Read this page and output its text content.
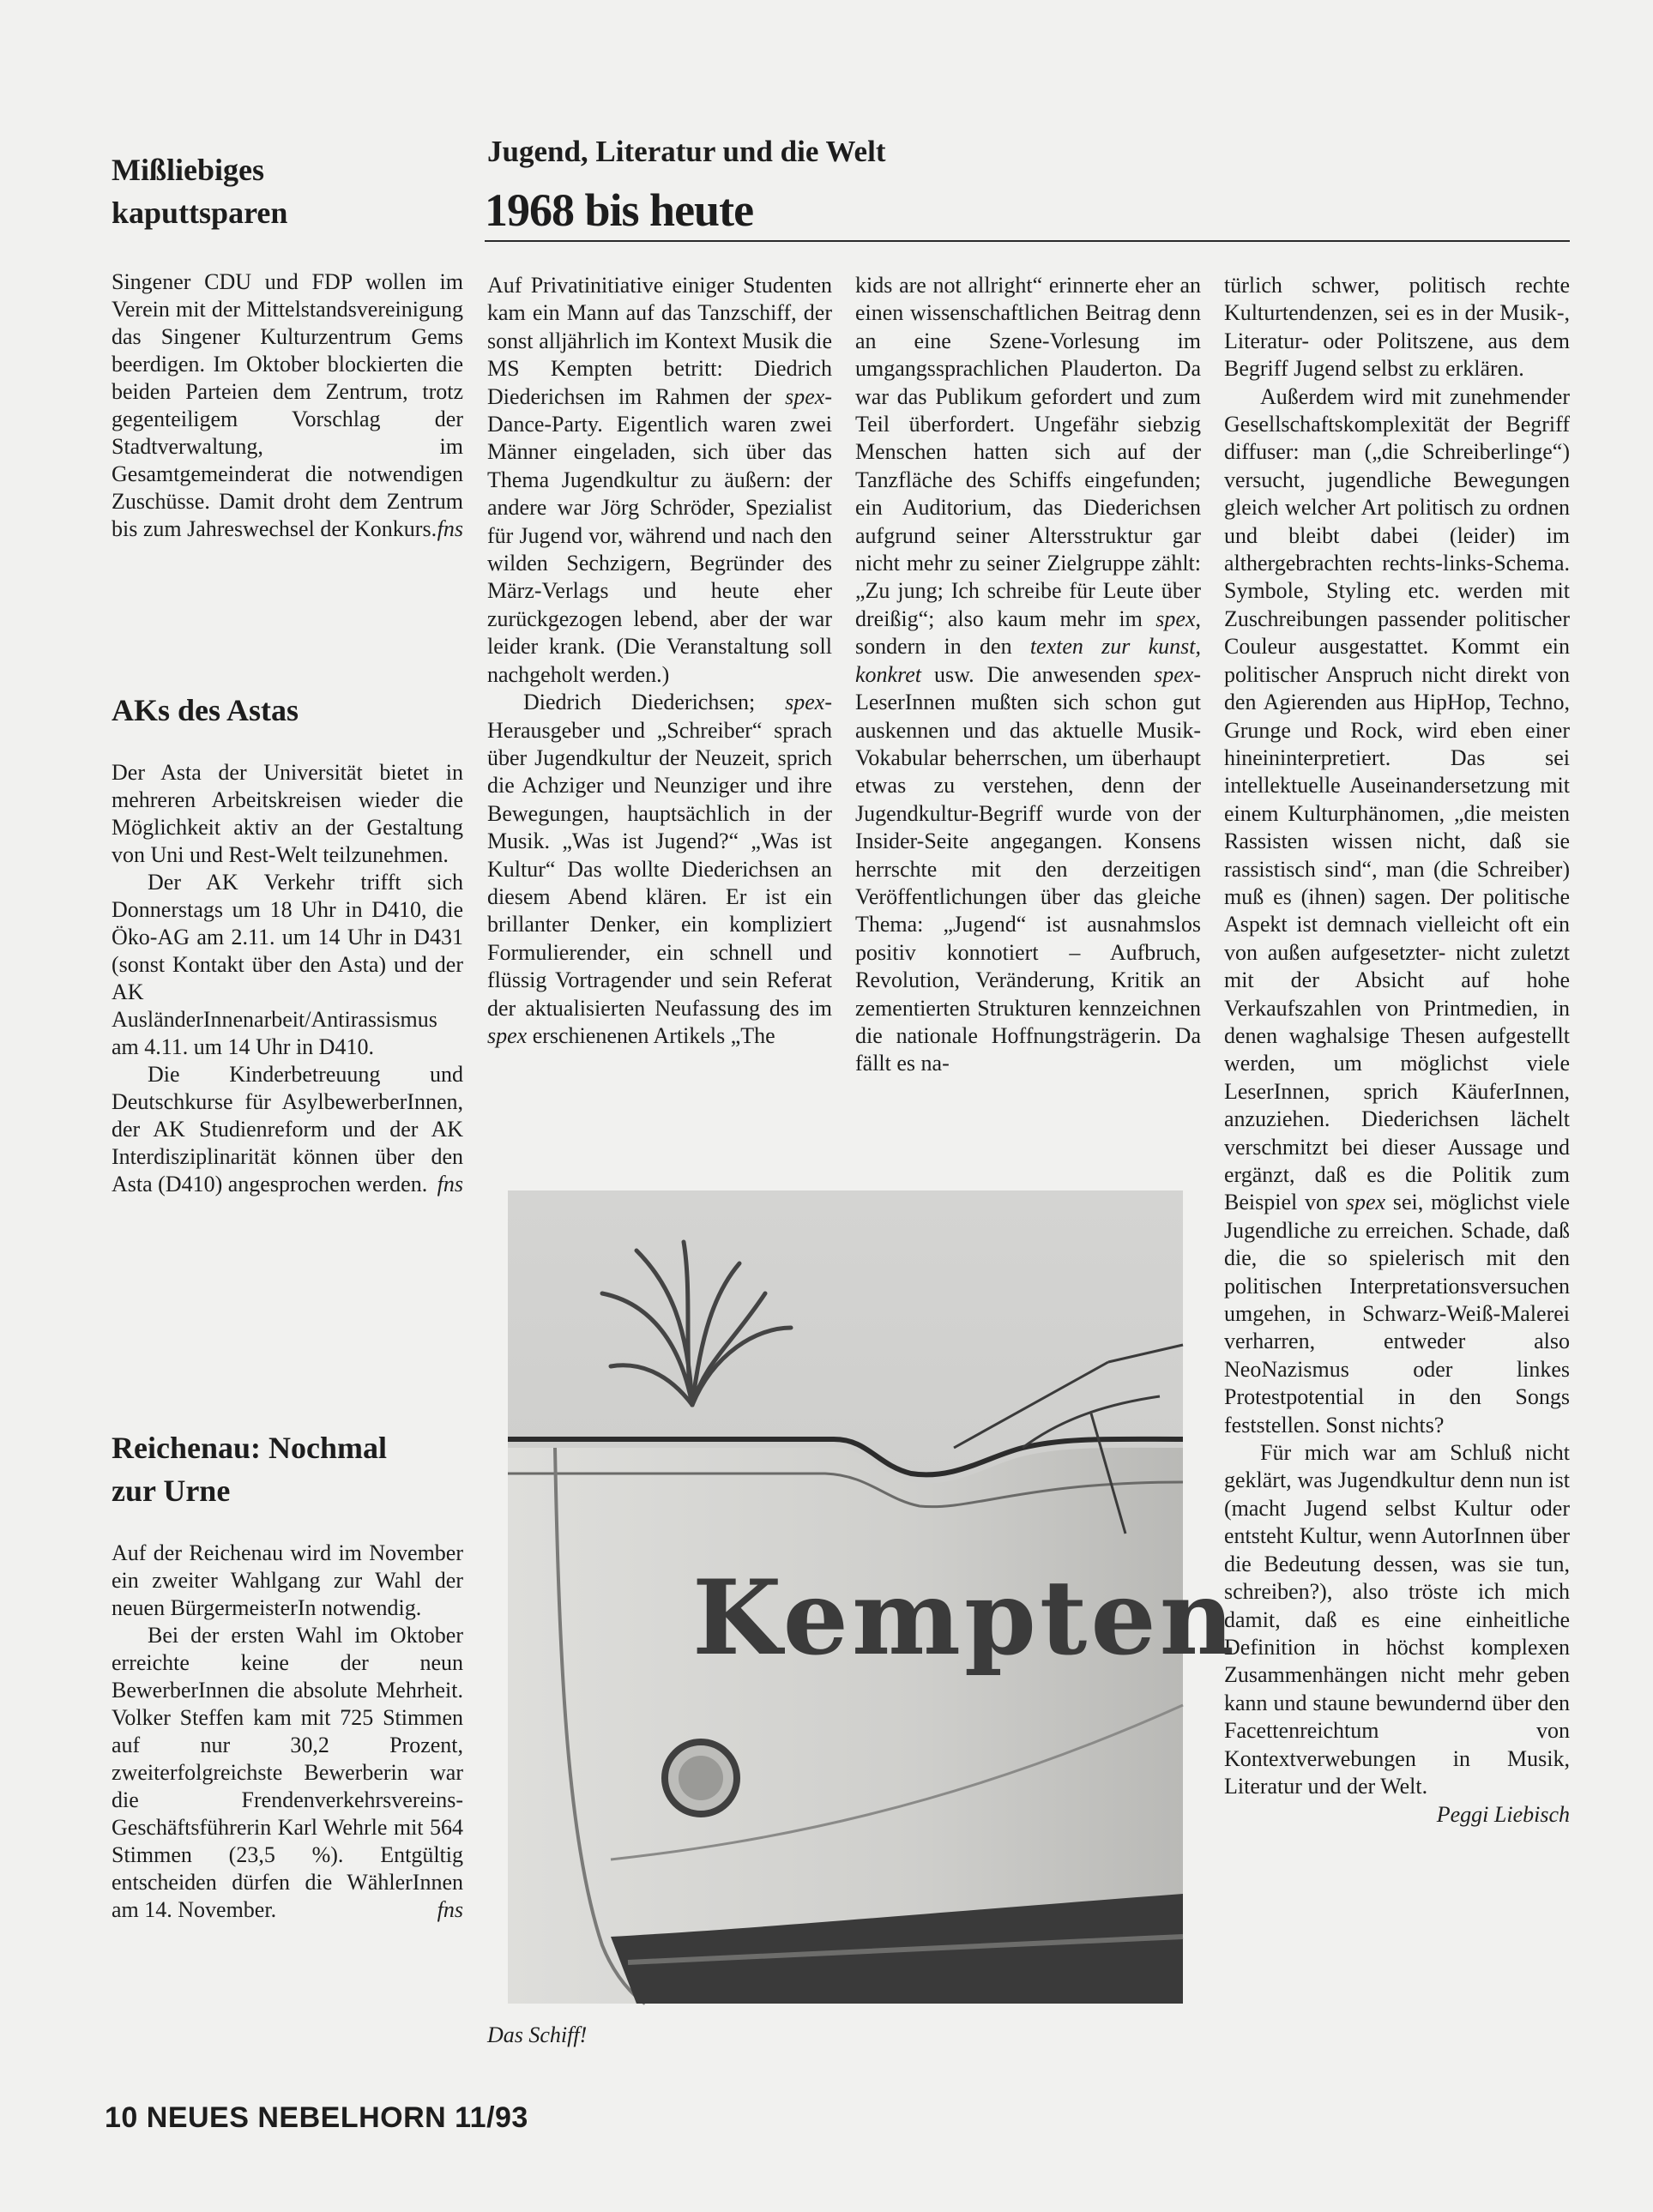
Mißliebiges
kaputtsparen

Singener CDU und FDP wollen im Verein mit der Mittelstandsvereinigung das Singener Kulturzentrum Gems beerdigen. Im Oktober blockierten die beiden Parteien dem Zentrum, trotz gegenteiligem Vorschlag der Stadtverwaltung, im Gesamtgemeinderat die notwendigen Zuschüsse. Damit droht dem Zentrum bis zum Jahreswechsel der Konkurs. fns
AKs des Astas

Der Asta der Universität bietet in mehreren Arbeitskreisen wieder die Möglichkeit aktiv an der Gestaltung von Uni und Rest-Welt teilzunehmen.

Der AK Verkehr trifft sich Donnerstags um 18 Uhr in D410, die Öko-AG am 2.11. um 14 Uhr in D431 (sonst Kontakt über den Asta) und der AK AusländerInnenarbeit/Antirassismus am 4.11. um 14 Uhr in D410.

Die Kinderbetreuung und Deutschkurse für AsylbewerberInnen, der AK Studienreform und der AK Interdisziplinarität können über den Asta (D410) angesprochen werden. fns
Reichenau: Nochmal
zur Urne

Auf der Reichenau wird im November ein zweiter Wahlgang zur Wahl der neuen BürgermeisterIn notwendig.

Bei der ersten Wahl im Oktober erreichte keine der neun BewerberInnen die absolute Mehrheit. Volker Steffen kam mit 725 Stimmen auf nur 30,2 Prozent, zweiterfolgreichste Bewerberin war die Frendenverkehrsvereins-Geschäftsführerin Karl Wehrle mit 564 Stimmen (23,5 %). Entgültig entscheiden dürfen die WählerInnen am 14. November.	fns
Jugend, Literatur und die Welt
1968 bis heute

Auf Privatinitiative einiger Studenten kam ein Mann auf das Tanzschiff, der sonst alljährlich im Kontext Musik die MS Kempten betritt: Diedrich Diederichsen im Rahmen der spex-Dance-Party. Eigentlich waren zwei Männer eingeladen, sich über das Thema Jugendkultur zu äußern: der andere war Jörg Schröder, Spezialist für Jugend vor, während und nach den wilden Sechzigern, Begründer des März-Verlags und heute eher zurückgezogen lebend, aber der war leider krank. (Die Veranstaltung soll nachgeholt werden.)

Diedrich Diederichsen; spex-Herausgeber und „Schreiber“ sprach über Jugendkultur der Neuzeit, sprich die Achziger und Neunziger und ihre Bewegungen, hauptsächlich in der Musik. „Was ist Jugend?“ „Was ist Kultur“ Das wollte Diederichsen an diesem Abend klären. Er ist ein brillanter Denker, ein kompliziert Formulierender, ein schnell und flüssig Vortragender und sein Referat der aktualisierten Neufassung des im spex erschienenen Artikels „The

kids are not allright“ erinnerte eher an einen wissenschaftlichen Beitrag denn an eine Szene-Vorlesung im umgangssprachlichen Plauderton. Da war das Publikum gefordert und zum Teil überfordert. Ungefähr siebzig Menschen hatten sich auf der Tanzfläche des Schiffs eingefunden; ein Auditorium, das Diederichsen aufgrund seiner Altersstruktur gar nicht mehr zu seiner Zielgruppe zählt: „Zu jung; Ich schreibe für Leute über dreißig“; also kaum mehr im spex, sondern in den texten zur kunst, konkret usw. Die anwesenden spex-LeserInnen mußten sich schon gut auskennen und das aktuelle Musik-Vokabular beherrschen, um überhaupt etwas zu verstehen, denn der Jugendkultur-Begriff wurde von der Insider-Seite angegangen. Konsens herrschte mit den derzeitigen Veröffentlichungen über das gleiche Thema: „Jugend“ ist ausnahmslos positiv konnotiert – Aufbruch, Revolution, Veränderung, Kritik an zementierten Strukturen kennzeichnen die nationale Hoffnungsträgerin. Da fällt es na-

türlich schwer, politisch rechte Kulturtendenzen, sei es in der Musik-, Literatur- oder Politszene, aus dem Begriff Jugend selbst zu erklären.

Außerdem wird mit zunehmender Gesellschaftskomplexität der Begriff diffuser: man („die Schreiberlinge“) versucht, jugendliche Bewegungen gleich welcher Art politisch zu ordnen und bleibt dabei (leider) im althergebrachten rechts-links-Schema. Symbole, Styling etc. werden mit Zuschreibungen passender politischer Couleur ausgestattet. Kommt ein politischer Anspruch nicht direkt von den Agierenden aus HipHop, Techno, Grunge und Rock, wird eben einer hineininterpretiert. Das sei intellektuelle Auseinandersetzung mit einem Kulturphänomen, „die meisten Rassisten wissen nicht, daß sie rassistisch sind“, man (die Schreiber) muß es (ihnen) sagen. Der politische Aspekt ist demnach vielleicht oft ein von außen aufgesetzter- nicht zuletzt mit der Absicht auf hohe Verkaufszahlen von Printmedien, in denen waghalsige Thesen aufgestellt werden, um möglichst viele LeserInnen, sprich KäuferInnen, anzuziehen. Diederichsen lächelt verschmitzt bei dieser Aussage und ergänzt, daß es die Politik zum Beispiel von spex sei, möglichst viele Jugendliche zu erreichen. Schade, daß die, die so spielerisch mit den politischen Interpretationsversuchen umgehen, in Schwarz-Weiß-Malerei verharren, entweder also NeoNazismus oder linkes Protestpotential in den Songs feststellen. Sonst nichts?

Für mich war am Schluß nicht geklärt, was Jugendkultur denn nun ist (macht Jugend selbst Kultur oder entsteht Kultur, wenn AutorInnen über die Bedeutung dessen, was sie tun, schreiben?), also tröste ich mich damit, daß es eine einheitliche Definition in höchst komplexen Zusammenhängen nicht mehr geben kann und staune bewundernd über den Facettenreichtum von Kontextverwebungen in Musik, Literatur und der Welt.

Peggi Liebisch
Kempten
Das Schiff!
10 NEUES NEBELHORN 11/93
